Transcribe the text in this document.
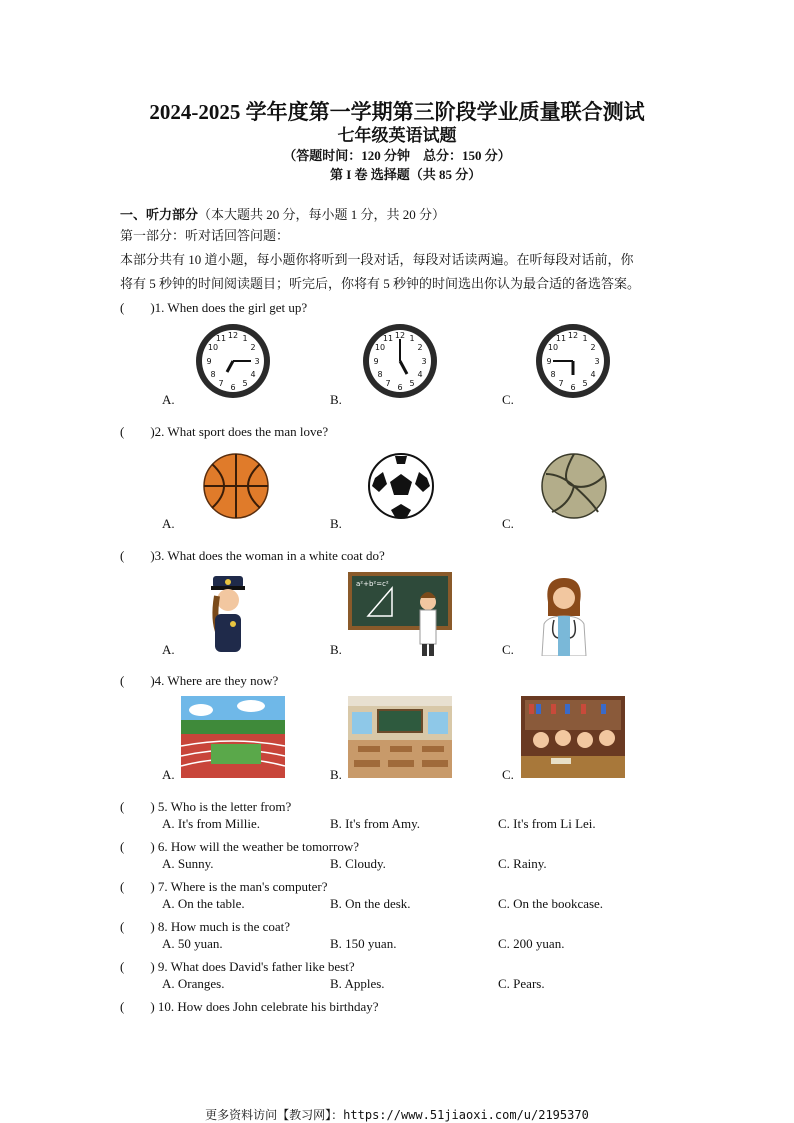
2024-2025 学年度第一学期第三阶段学业质量联合测试
七年级英语试题
（答题时间：120 分钟　总分：150 分）
第 I 卷 选择题（共 85 分）
一、听力部分（本大题共 20 分，每小题 1 分，共 20 分）
第一部分：听对话回答问题：
本部分共有 10 道小题，每小题你将听到一段对话，每段对话读两遍。在听每段对话前，你
将有 5 秒钟的时间阅读题目；听完后，你将有 5 秒钟的时间选出你认为最合适的备选答案。
(　　)1. When does the girl get up?
12 1
2
3
4
5
6
7
8
9
10
11	12 1
2
3
4
5
6
7
8
9
10
11	12 1
2
3
4
5
6
7
8
9
10
11
A.	B.	C.
(　　)2. What sport does the man love?
A.	B.	C.
(　　)3. What does the woman in a white coat do?
a²+b²=c²
A.	B.	C.
(　　)4. Where are they now?
A.	B.	C.
(　　) 5. Who is the letter from?
A. It's from Millie.	B. It's from Amy.	C. It's from Li Lei.
(　　) 6. How will the weather be tomorrow?
A. Sunny.	B. Cloudy.	C. Rainy.
(　　) 7. Where is the man's computer?
A. On the table.	B. On the desk.	C. On the bookcase.
(　　) 8. How much is the coat?
A. 50 yuan.	B. 150 yuan.	C. 200 yuan.
(　　) 9. What does David's father like best?
A. Oranges.	B. Apples.	C. Pears.
(　　) 10. How does John celebrate his birthday?
更多资料访问【教习网】：https://www.51jiaoxi.com/u/2195370
